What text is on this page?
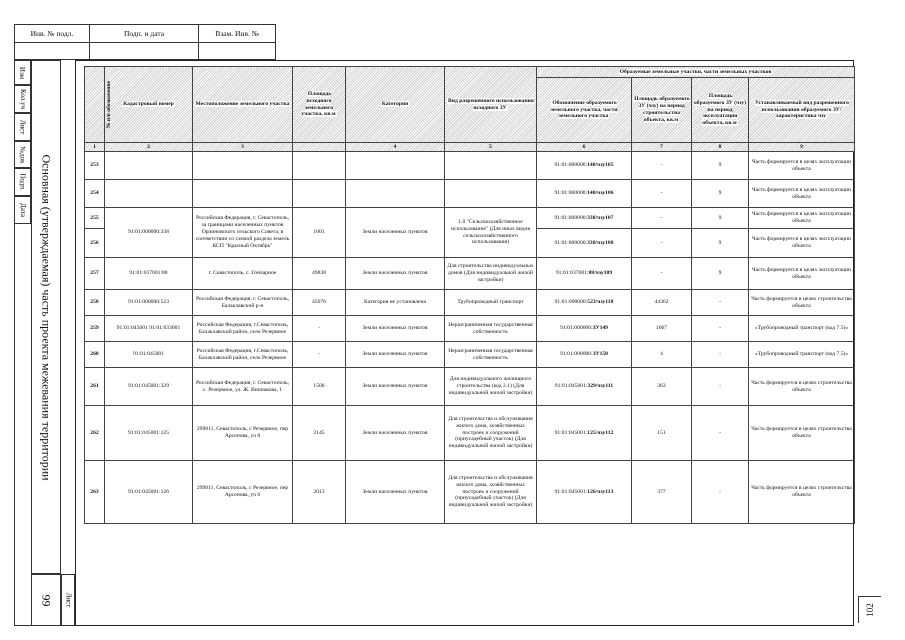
Инв. № подл.	Подп. и дата	Взам. Инв. №

Изм
Кол.уч
Лист
№док
Подп.
Дата Основная (утверждаемая) часть проекта межевания территории
99 Лист
102
№ п/п обозначение	Кадастровый номер	Местоположение земельного участка	Площадь исходного земельного участка, кв.м	Категория	Вид разрешенного использования исходного ЗУ	Образуемые земельные участки, части земельных участков			
						Обозначение образуемого земельного участка, части земельного участка	Площадь образуемого ЗУ (чзу) на период строительства объекта, кв.м	Площадь образуемого ЗУ (чзу) на период эксплуатации объекта, кв.м	Устанавливаемый вид разрешенного использования образуемого ЗУ/характеристика чзу
1	2	3		4	5	6	7	8	9
253						91:01:000000:140/чзу105	-	9	Часть формируется в целях эксплуатации объекта
254						91:01:000000:140/чзу106	-	9	Часть формируется в целях эксплуатации объекта
255	91:01:000000:338	Российская Федерация, г. Севастополь, за границами населенных пунктов Орлиновского сельского Совета, в соответствии со схемой раздела земель КСП "Красный Октябрь"	1001	Земли населенных пунктов	1.0 "Сельскохозяйственное использование" (Для иных видов сельскохозяйственного использования)	91:01:000000:338/чзу107	-	9	Часть формируется в целях эксплуатации объекта
256						91:01:000000:338/чзу108	-	9	Часть формируется в целях эксплуатации объекта
257	91:01:037001:88	г. Севастополь, с. Гончарное	49838	Земли населенных пунктов	Для строительства индивидуальных домов (Для индивидуальной жилой застройки)	91:01:037001:88/чзу109	-	9	Часть формируется в целях эксплуатации объекта
258	91:01:000000:523	Российская Федерация, г. Севастополь, Балаклавский р-н	45076	Категория не установлена	Трубопроводный транспорт	91:01:000000:523/чзу110	44362	-	Часть формируется в целях строительства объекта
259	91:01:045001 91:01:033001	Российская Федерация, г.Севастополь, Балаклавский район, село Резервное	-	Земли населенных пунктов	Неразграниченная государственная собственность	91:01:000000:ЗУ149	1667	-	«Трубопроводный транспорт (код 7.5)»
260	91:01:045001	Российская Федерация, г.Севастополь, Балаклавский район, село Резервное	-	Земли населенных пунктов	Неразграниченная государственная собственность	91:01:000000:ЗУ150	4	-	«Трубопроводный транспорт (код 7.5)»
261	91:01:045001:329	Российская Федерация, г. Севастополь, с. Резервное, ул. Ж. Випиакова, 1	1500	Земли населенных пунктов	Для индивидуального жилищного строительства (код 2.1) (Для индивидуальной жилой застройки)	91:01:045001:329/чзу111	363	-	Часть формируется в целях строительства объекта
262	91:01:045001:125	299811, Севастополь, с Резервное, пер Арсенова, уч 8	2145	Земли населенных пунктов	Для строительства и обслуживания жилого дома, хозяйственных построек и сооружений (приусадебный участок) (Для индивидуальной жилой застройки)	91:01:045001:125/чзу112	151	-	Часть формируется в целях строительства объекта
263	91:01:045001:126	299811, Севастополь, с Резервное, пер Арсенова, уч 6	2013	Земли населенных пунктов	Для строительства и обслуживания жилого дома, хозяйственных построек и сооружений (приусадебный участок) (Для индивидуальной жилой застройки)	91:01:045001:126/чзу113	377	-	Часть формируется в целях строительства объекта
